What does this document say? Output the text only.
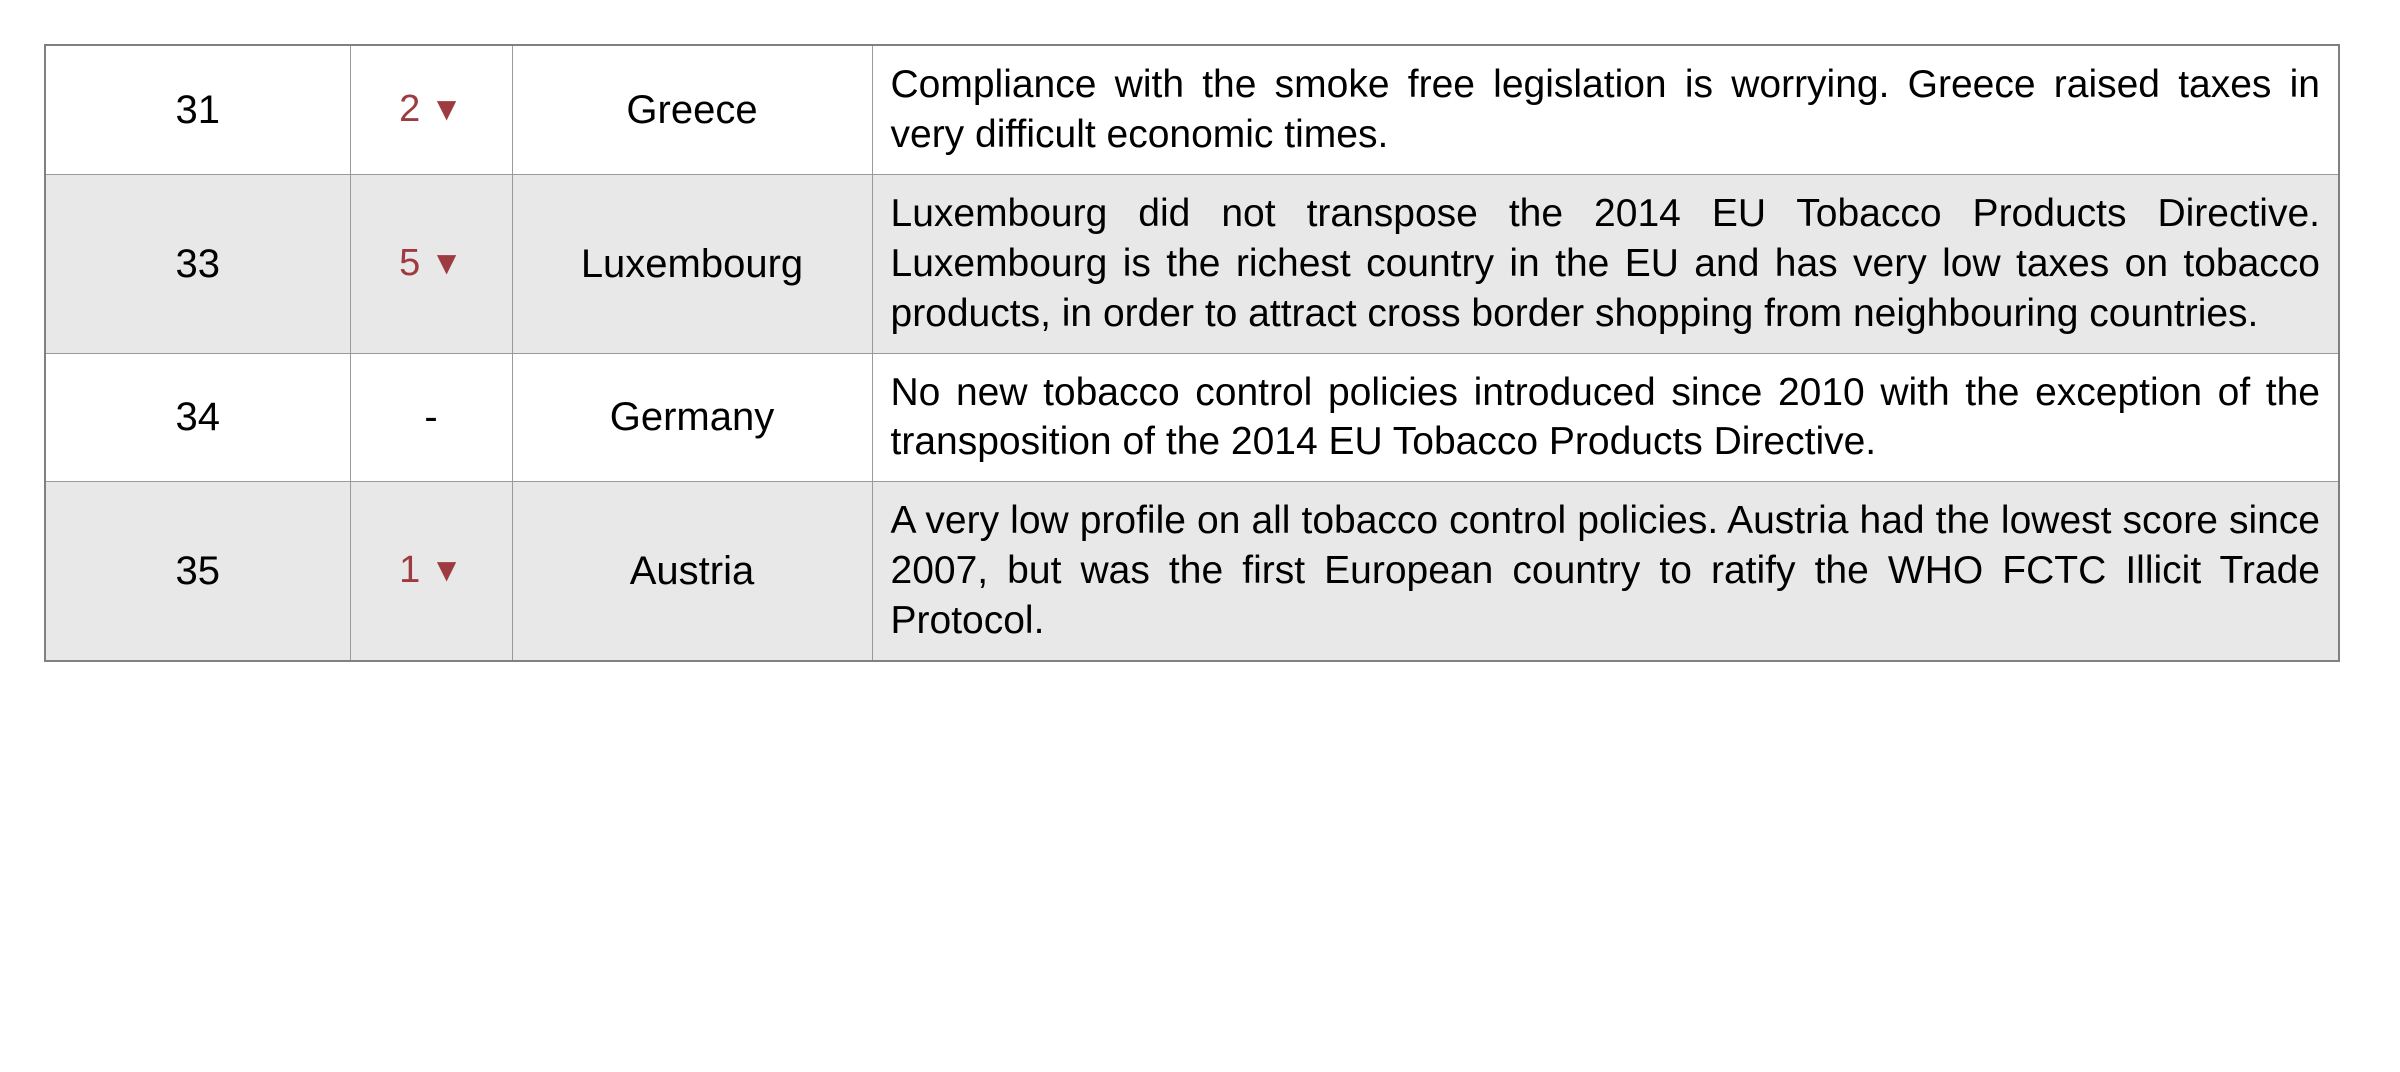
31	2 ▼	Greece	Compliance with the smoke free legislation is worrying. Greece raised taxes in very difficult economic times.
33	5 ▼	Luxembourg	Luxembourg did not transpose the 2014 EU Tobacco Products Directive. Luxembourg is the richest country in the EU and has very low taxes on tobacco products, in order to attract cross border shopping from neighbouring countries.
34	-	Germany	No new tobacco control policies introduced since 2010 with the exception of the transposition of the 2014 EU Tobacco Products Directive.
35	1 ▼	Austria	A very low profile on all tobacco control policies. Austria had the lowest score since 2007, but was the first European country to ratify the WHO FCTC Illicit Trade Protocol.
